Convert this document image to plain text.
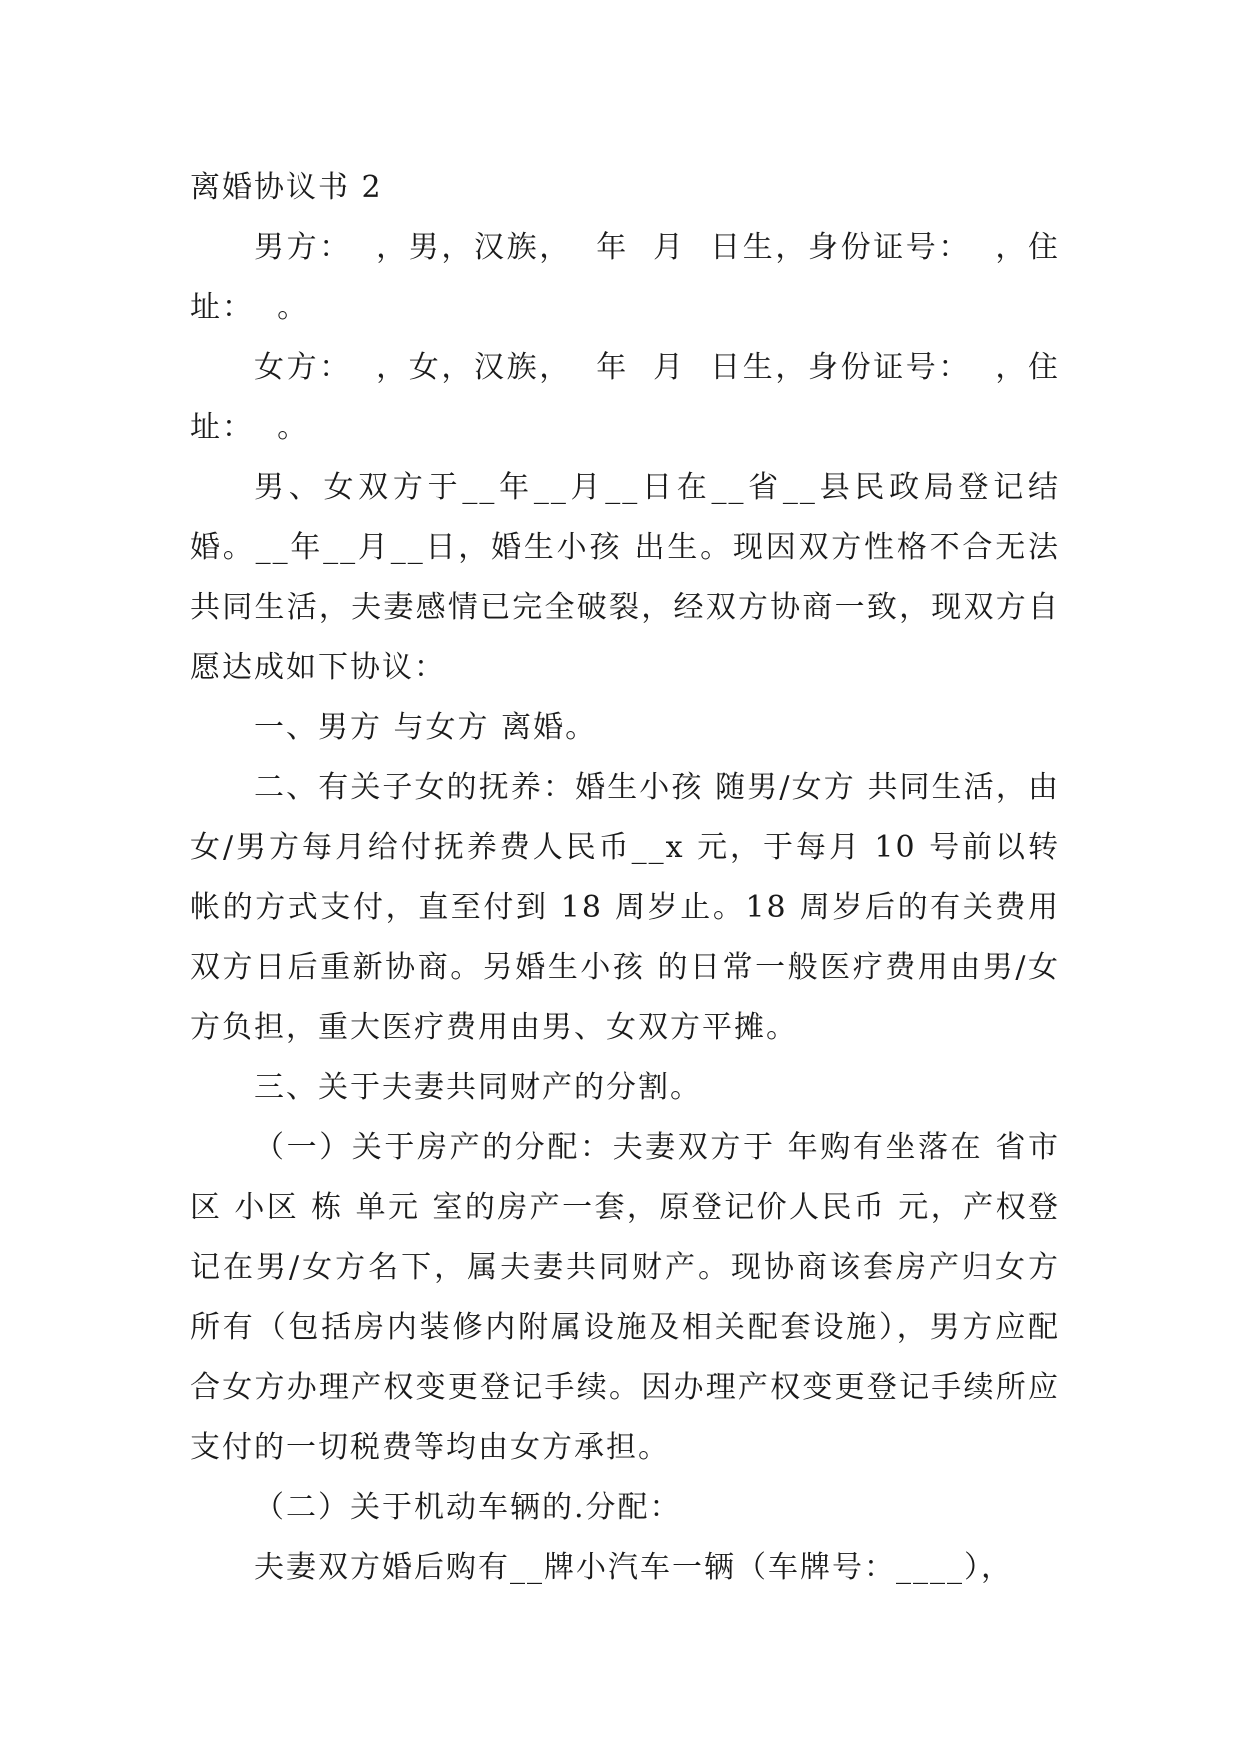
离婚协议书 2

男方：  ，男，汉族，  年  月  日生，身份证号：  ，住址：  。

女方：  ，女，汉族，  年  月  日生，身份证号：  ，住址：  。

男、女双方于__年__月__日在__省__县民政局登记结婚。__年__月__日，婚生小孩 出生。现因双方性格不合无法共同生活，夫妻感情已完全破裂，经双方协商一致，现双方自愿达成如下协议：

一、男方 与女方 离婚。

二、有关子女的抚养：婚生小孩 随男/女方 共同生活，由女/男方每月给付抚养费人民币__x 元，于每月 10 号前以转帐的方式支付，直至付到 18 周岁止。18 周岁后的有关费用双方日后重新协商。另婚生小孩 的日常一般医疗费用由男/女方负担，重大医疗费用由男、女双方平摊。

三、关于夫妻共同财产的分割。

（一）关于房产的分配：夫妻双方于 年购有坐落在 省市 区 小区 栋 单元 室的房产一套，原登记价人民币 元，产权登记在男/女方名下，属夫妻共同财产。现协商该套房产归女方所有（包括房内装修内附属设施及相关配套设施），男方应配合女方办理产权变更登记手续。因办理产权变更登记手续所应支付的一切税费等均由女方承担。

（二）关于机动车辆的.分配：

夫妻双方婚后购有__牌小汽车一辆（车牌号：____），
